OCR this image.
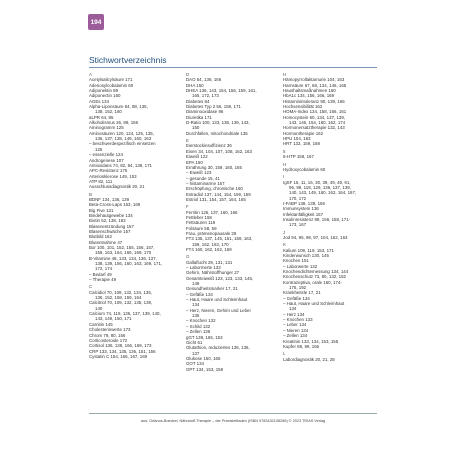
194
Stichwortverzeichnis
A
Acetylsalicylsäure 171
Adenosylcobalamin 60
Adiponektin 89
Adiponectin 160
AGEs 134
Alpha-Liponsäure 84, 88, 135,
138, 152, 160
aLPR 64, 85
Alkoholismus 26, 89, 156
Aminogramm 125
Aminosäuren 120, 124, 125, 135,
136, 137, 138, 149, 160, 163
– beschwerdespezifisch einsetzen
125
– essenzielle 124
Androgenese 107
Antioxidans 74, 82, 84, 138, 171
APC-Resistenz 175
Arteriosklerose 149, 153
ATP 82, 111
Ausschlussdiagnostik 20, 21
B
BDNF 134, 136, 139
Beta-Cross-Laps 153, 169
Big Five 131
Bindehautgewebe 134
Biotin 52, 138, 163
Blasenentzündung 157
Blasenschwäche 157
Blutbild 162
Blutentnahme 47
Bor 100, 101, 152, 155, 156, 157,
159, 163, 164, 166, 169, 170
B-Vitamine 48, 133, 134, 136, 137,
138, 139, 156, 160, 163, 169, 171,
172, 174
– Bedarf 49
– Therapie 49
C
Calcidiol 70, 109, 132, 134, 135,
136, 152, 158, 159, 164
Calcitriol 70, 109, 132, 135, 139,
140
Calcium 74, 119, 136, 137, 139, 140,
143, 149, 150, 171
Carnitin 145
Cholesterinwerte 173
Chrom 79, 80, 156
Corticosteroide 172
Cortisol 136, 139, 166, 169, 173
CRP 133, 134, 135, 136, 151, 156
Cystatin C 154, 166, 167, 169
D
DAO 54, 136, 166
DHA 150
DHEA 136, 143, 154, 156, 159, 161,
165, 172, 173
Diabetes 84
Diabetes Typ 2 56, 158, 171
Diaminooxidase 96
Diuretika 171
D-Ratio 100, 133, 136, 139, 143,
150
Durchfallen, mitochondriale 135
E
Eierstockinsuffizienz 36
Eisen 34, 104, 107, 108, 162, 163
Eiweiß 122
EPA 150
Ernährung 30, 159, 160, 165
– Eiweiß 123
– gesunde 15, 41
– histaminarme 167
Erschöpfung, chronische 160
Estradiol 137, 144, 154, 159, 159
Estriol 131, 154, 157, 164, 165
F
Ferritin 125, 137, 160, 166
Fettleber 158
Fettsäuren 119
Folsäure 58, 59
Frau, prämenopausale 28
FT3 135, 137, 145, 151, 159, 163,
159, 162, 163, 170
FT4 160, 162, 162, 169
G
Gallaflucht 29, 131, 131
– Labormerte 133
Gehirn, Nährstoffhunger 27
Gesamteiweiß 123, 123, 133, 146,
149
Gesundheitsmarker 17, 21
– Gefäße 134
– Haut, Haare und Schleimhaut
134
– Herz, Nieren, Gehirn und Leber
135
– Knochen 132
– Schild 132
– Zellen 136
gGT 138, 165, 153
Gicht 61
Glutathion, reduziertes 135, 136,
137
Glukose 160, 165
GOT 134
GPT 134, 153, 158
H
Hämopyrrollaktamurie 104, 163
Harnsäure 67, 68, 134, 146, 165
Haushaltsmaßnahmen 160
HbA1c 134, 156, 166, 169
Histaminintoleranz 90, 139, 165
Hochsensibilität 162
HOMA-Index 134, 158, 166, 161
Homocystein 60, 134, 137, 139,
143, 146, 154, 160, 162, 174
Hormonersatztherapie 132, 143
Hormontherapie 162
HPU 104, 163
HRT 132, 159, 168
5
5-HTP 159, 167
H
Hydroxycobalamin 60
I
IgSF 15, 11, 16, 30, 39, 49, 49, 91,
96, 99, 118, 129, 136, 137, 139,
140, 143, 149, 160, 162, 164, 167,
170, 172
I-FABP 138, 139, 165
Immunsystem 136
Infektanfälligkeit 157
Insulinresistenz 89, 156, 158, 171-
173, 167
J
Jod 94, 95, 98, 97, 104, 162, 163
K
Kalium 109, 119, 153, 171
Kinderwunsch 130, 145
Knochen 151
– Laborwerte 132
Knochendichtemessung 134, 144
Knochenschutz 73, 80, 132, 152
Kontrazeptiva, orale 160, 174-
175, 192
Krankheitsle 17, 21
– Gefäße 134
– Haut, Haare und Schleimhaut
134
– Herz 134
– Knochen 133
– Leber 134
– Nieren 134
– Zellen 134
Kreatinin 133, 134, 153, 155
Kupfer 88, 99, 166
L
Labordiagnostik 20, 21, 28
aus: Orfanos-Boeckel, Nährstoff-Therapie – der Praxisleitfaden (ISBN 9783432108286) © 2023 TRIAS Verlag
